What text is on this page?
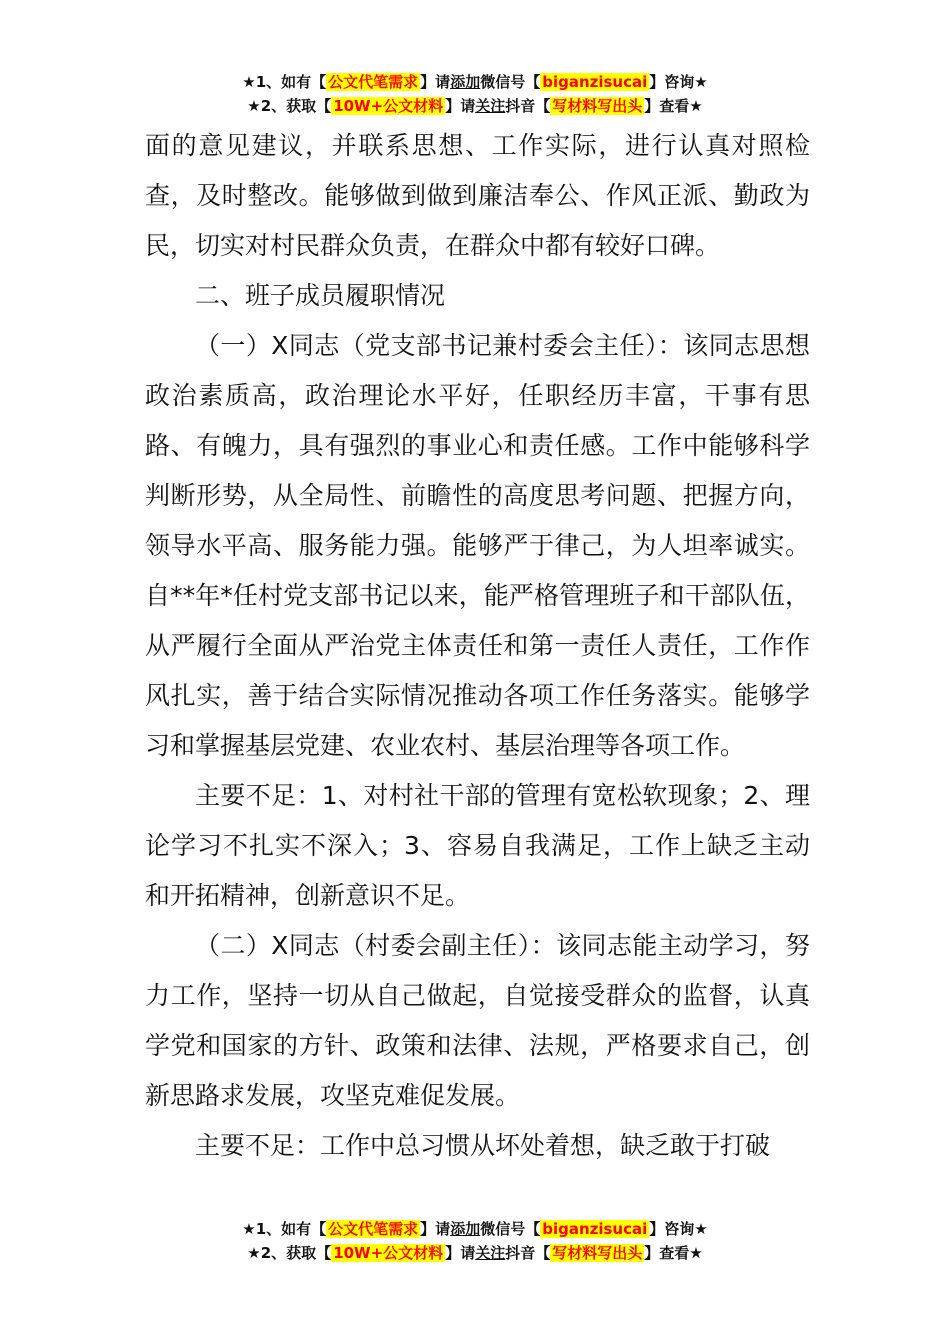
★1、如有【 公文代笔需求 】请添加微信号【 biganzisucai 】咨询★
★2、获取【 10W+公文材料 】请关注抖音【 写材料写出头 】查看★

面的意见建议，并联系思想、工作实际，进行认真对照检查，及时整改。能够做到做到廉洁奉公、作风正派、勤政为民，切实对村民群众负责，在群众中都有较好口碑。

二、班子成员履职情况

（一）X同志（党支部书记兼村委会主任）：该同志思想政治素质高，政治理论水平好，任职经历丰富，干事有思路、有魄力，具有强烈的事业心和责任感。工作中能够科学判断形势，从全局性、前瞻性的高度思考问题、把握方向，领导水平高、服务能力强。能够严于律己，为人坦率诚实。自**年*任村党支部书记以来，能严格管理班子和干部队伍，从严履行全面从严治党主体责任和第一责任人责任，工作作风扎实，善于结合实际情况推动各项工作任务落实。能够学习和掌握基层党建、农业农村、基层治理等各项工作。

主要不足：1、对村社干部的管理有宽松软现象；2、理论学习不扎实不深入；3、容易自我满足，工作上缺乏主动和开拓精神，创新意识不足。

（二）X同志（村委会副主任）：该同志能主动学习，努力工作，坚持一切从自己做起，自觉接受群众的监督，认真学党和国家的方针、政策和法律、法规，严格要求自己，创新思路求发展，攻坚克难促发展。

主要不足：工作中总习惯从坏处着想，缺乏敢于打破

★1、如有【 公文代笔需求 】请添加微信号【 biganzisucai 】咨询★
★2、获取【 10W+公文材料 】请关注抖音【 写材料写出头 】查看★
